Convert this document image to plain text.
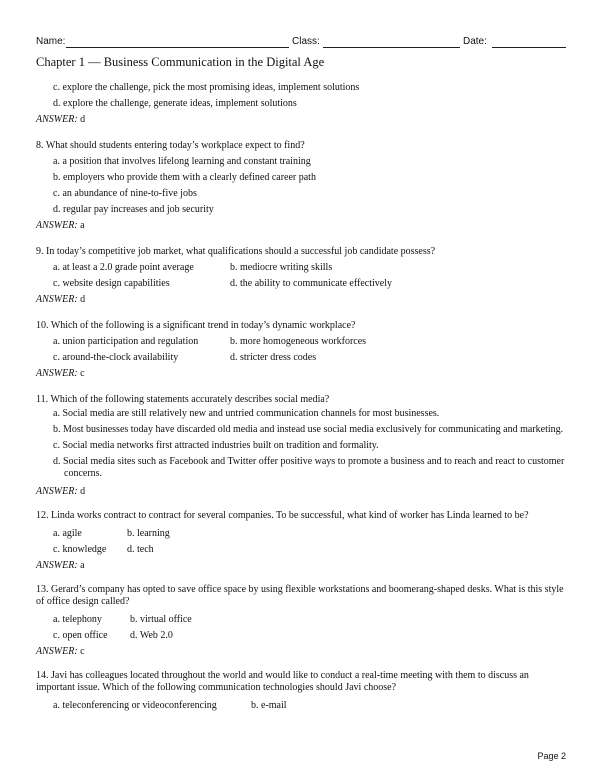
Name:	Class:	Date:
Chapter 1 — Business Communication in the Digital Age
c. explore the challenge, pick the most promising ideas, implement solutions
d. explore the challenge, generate ideas, implement solutions
ANSWER: d
8. What should students entering today’s workplace expect to find?
a. a position that involves lifelong learning and constant training
b. employers who provide them with a clearly defined career path
c. an abundance of nine-to-five jobs
d. regular pay increases and job security
ANSWER: a
9. In today’s competitive job market, what qualifications should a successful job candidate possess?
a. at least a 2.0 grade point average	b. mediocre writing skills
c. website design capabilities	d. the ability to communicate effectively
ANSWER: d
10. Which of the following is a significant trend in today’s dynamic workplace?
a. union participation and regulation	b. more homogeneous workforces
c. around-the-clock availability	d. stricter dress codes
ANSWER: c
11. Which of the following statements accurately describes social media?
a. Social media are still relatively new and untried communication channels for most businesses.
b. Most businesses today have discarded old media and instead use social media exclusively for communicating and marketing.
c. Social media networks first attracted industries built on tradition and formality.
d. Social media sites such as Facebook and Twitter offer positive ways to promote a business and to reach and react to customer concerns.
ANSWER: d
12. Linda works contract to contract for several companies. To be successful, what kind of worker has Linda learned to be?
a. agile	b. learning
c. knowledge	d. tech
ANSWER: a
13. Gerard’s company has opted to save office space by using flexible workstations and boomerang-shaped desks. What is this style of office design called?
a. telephony	b. virtual office
c. open office	d. Web 2.0
ANSWER: c
14. Javi has colleagues located throughout the world and would like to conduct a real-time meeting with them to discuss an important issue. Which of the following communication technologies should Javi choose?
a. teleconferencing or videoconferencing	b. e-mail
Page 2
